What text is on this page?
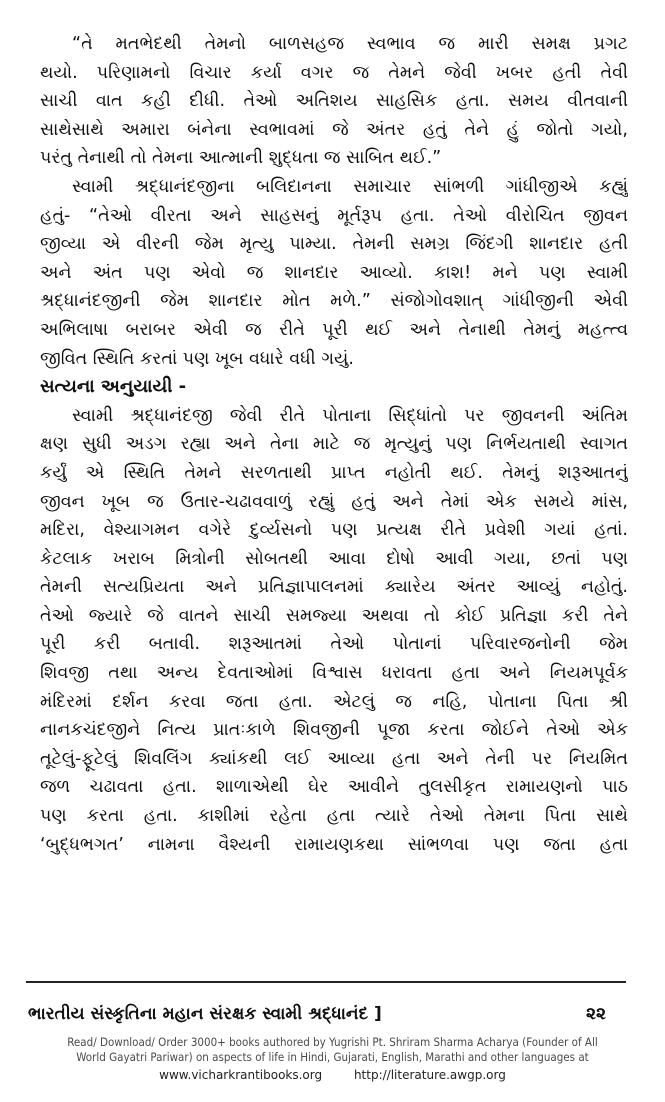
“તે મતભેદથી તેમનો બાળસહજ સ્વભાવ જ મારી સમક્ષ પ્રગટ
થયો. પરિણામનો વિચાર કર્યા વગર જ તેમને જેવી ખબર હતી તેવી
સાચી વાત કહી દીધી. તેઓ અતિશય સાહસિક હતા. સમય વીતવાની
સાથેસાથે અમારા બંનેના સ્વભાવમાં જે અંતર હતું તેને હું જોતો ગયો,
પરંતુ તેનાથી તો તેમના આત્માની શુદ્ધતા જ સાબિત થઈ.”
સ્વામી શ્રદ્ધાનંદજીના બલિદાનના સમાચાર સાંભળી ગાંધીજીએ કહ્યું
હતું- “તેઓ વીરતા અને સાહસનું મૂર્તરૂપ હતા. તેઓ વીરોચિત જીવન
જીવ્યા એ વીરની જેમ મૃત્યુ પામ્યા. તેમની સમગ્ર જિંદગી શાનદાર હતી
અને અંત પણ એવો જ શાનદાર આવ્યો. કાશ! મને પણ સ્વામી
શ્રદ્ધાનંદજીની જેમ શાનદાર મોત મળે.” સંજોગોવશાત્ ગાંધીજીની એવી
અભિલાષા બરાબર એવી જ રીતે પૂરી થઈ અને તેનાથી તેમનું મહત્ત્વ
જીવિત સ્થિતિ કરતાં પણ ખૂબ વધારે વધી ગયું.
સત્યના અનુયાયી -
સ્વામી શ્રદ્ધાનંદજી જેવી રીતે પોતાના સિદ્ધાંતો પર જીવનની અંતિમ
ક્ષણ સુધી અડગ રહ્યા અને તેના માટે જ મૃત્યુનું પણ નિર્ભયતાથી સ્વાગત
કર્યું એ સ્થિતિ તેમને સરળતાથી પ્રાપ્ત નહોતી થઈ. તેમનું શરૂઆતનું
જીવન ખૂબ જ ઉતાર-ચઢાવવાળું રહ્યું હતું અને તેમાં એક સમયે માંસ,
મદિરા, વેશ્યાગમન વગેરે દુર્વ્યસનો પણ પ્રત્યક્ષ રીતે પ્રવેશી ગયાં હતાં.
કેટલાક ખરાબ મિત્રોની સોબતથી આવા દોષો આવી ગયા, છતાં પણ
તેમની સત્યપ્રિયતા અને પ્રતિજ્ઞાપાલનમાં ક્યારેય અંતર આવ્યું નહોતું.
તેઓ જ્યારે જે વાતને સાચી સમજ્યા અથવા તો કોઈ પ્રતિજ્ઞા કરી તેને
પૂરી કરી બતાવી. શરૂઆતમાં તેઓ પોતાનાં પરિવારજનોની જેમ
શિવજી તથા અન્ય દેવતાઓમાં વિશ્વાસ ધરાવતા હતા અને નિયમપૂર્વક
મંદિરમાં દર્શન કરવા જતા હતા. એટલું જ નહિ, પોતાના પિતા શ્રી
નાનકચંદજીને નિત્ય પ્રાતઃકાળે શિવજીની પૂજા કરતા જોઈને તેઓ એક
તૂટેલું-ફૂટેલું શિવલિંગ ક્યાંકથી લઈ આવ્યા હતા અને તેની પર નિયમિત
જળ ચઢાવતા હતા. શાળાએથી ઘેર આવીને તુલસીકૃત રામાયણનો પાઠ
પણ કરતા હતા. કાશીમાં રહેતા હતા ત્યારે તેઓ તેમના પિતા સાથે
‘બુદ્ધભગત’ નામના વૈશ્યની રામાયણકથા સાંભળવા પણ જતા હતા
ભારતીય સંસ્કૃતિના મહાન સંરક્ષક સ્વામી શ્રદ્ધાનંદ ]	૨૨
Read/ Download/ Order 3000+ books authored by Yugrishi Pt. Shriram Sharma Acharya (Founder of All
World Gayatri Pariwar) on aspects of life in Hindi, Gujarati, English, Marathi and other languages at
www.vicharkrantibooks.org	http://literature.awgp.org
